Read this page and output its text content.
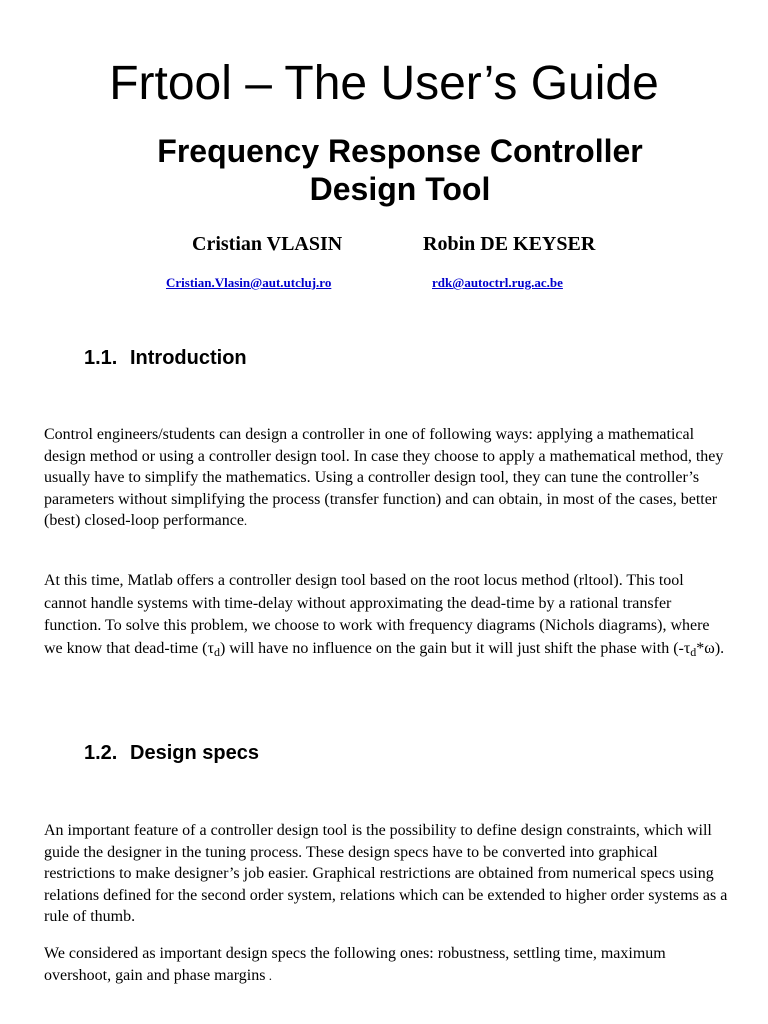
Frtool – The User’s Guide
Frequency Response Controller
Design Tool
Cristian VLASIN	Robin DE KEYSER
Cristian.Vlasin@aut.utcluj.ro	rdk@autoctrl.rug.ac.be
1.1. Introduction

Control engineers/students can design a controller in one of following ways: applying a mathematical design method or using a controller design tool. In case they choose to apply a mathematical method, they usually have to simplify the mathematics. Using a controller design tool, they can tune the controller’s parameters without simplifying the process (transfer function) and can obtain, in most of the cases, better (best) closed-loop performance.

At this time, Matlab offers a controller design tool based on the root locus method (rltool). This tool cannot handle systems with time-delay without approximating the dead-time by a rational transfer function. To solve this problem, we choose to work with frequency diagrams (Nichols diagrams), where we know that dead-time $(\tau_d)$ will have no influence on the gain but it will just shift the phase with $(-\tau_d*\omega)$.

1.2. Design specs

An important feature of a controller design tool is the possibility to define design constraints, which will guide the designer in the tuning process. These design specs have to be converted into graphical restrictions to make designer’s job easier. Graphical restrictions are obtained from numerical specs using relations defined for the second order system, relations which can be extended to higher order systems as a rule of thumb.

We considered as important design specs the following ones: robustness, settling time, maximum overshoot, gain and phase margins .
